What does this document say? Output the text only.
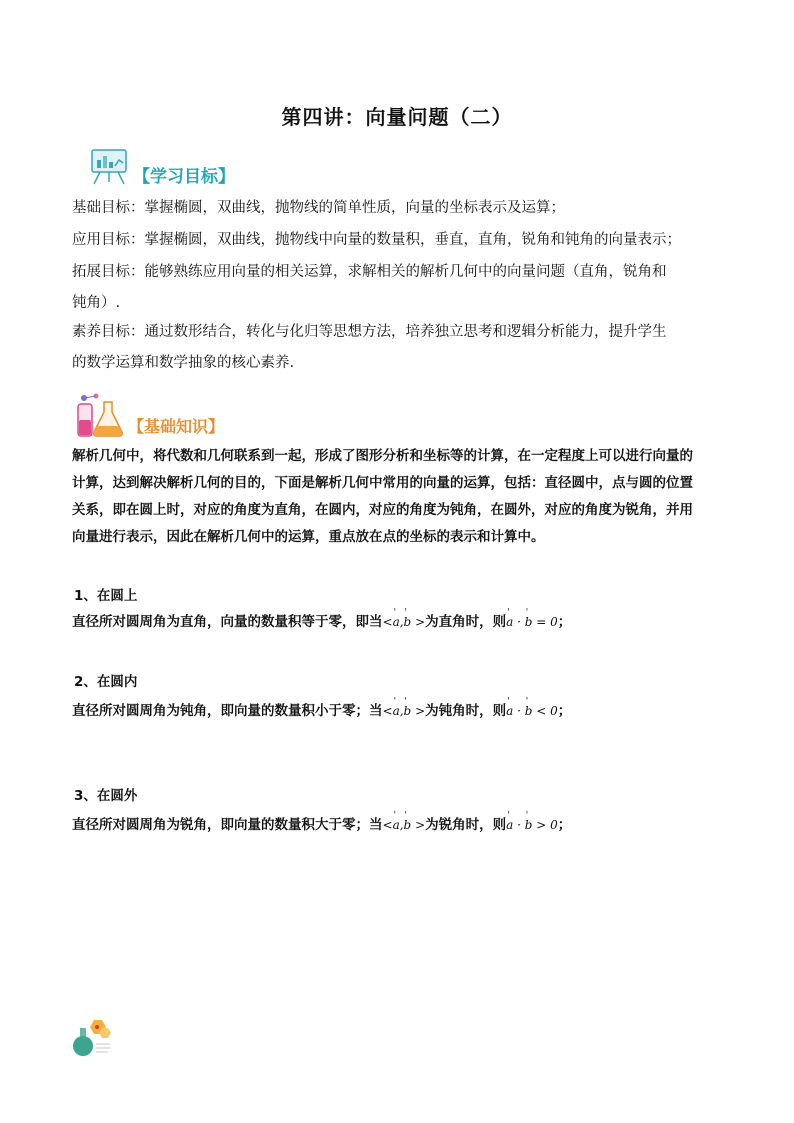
第四讲：向量问题（二）
【学习目标】
基础目标：掌握椭圆，双曲线，抛物线的简单性质，向量的坐标表示及运算；
应用目标：掌握椭圆，双曲线，抛物线中向量的数量积，垂直，直角，锐角和钝角的向量表示；
拓展目标：能够熟练应用向量的相关运算，求解相关的解析几何中的向量问题（直角，锐角和
钝角）.
素养目标：通过数形结合，转化与化归等思想方法，培养独立思考和逻辑分析能力，提升学生
的数学运算和数学抽象的核心素养.
【基础知识】
解析几何中，将代数和几何联系到一起，形成了图形分析和坐标等的计算，在一定程度上可以进行向量的
计算，达到解决解析几何的目的，下面是解析几何中常用的向量的运算，包括：直径圆中，点与圆的位置
关系，即在圆上时，对应的角度为直角，在圆内，对应的角度为钝角，在圆外，对应的角度为锐角，并用
向量进行表示，因此在解析几何中的运算，重点放在点的坐标的表示和计算中。
1、在圆上
直径所对圆周角为直角，向量的数量积等于零，即当<' a,' b >为直角时，则' a · ' b = 0；
2、在圆内
直径所对圆周角为钝角，即向量的数量积小于零；当<' a,' b >为钝角时，则' a · ' b < 0；
3、在圆外
直径所对圆周角为锐角，即向量的数量积大于零；当<' a,' b >为锐角时，则' a · ' b > 0；
